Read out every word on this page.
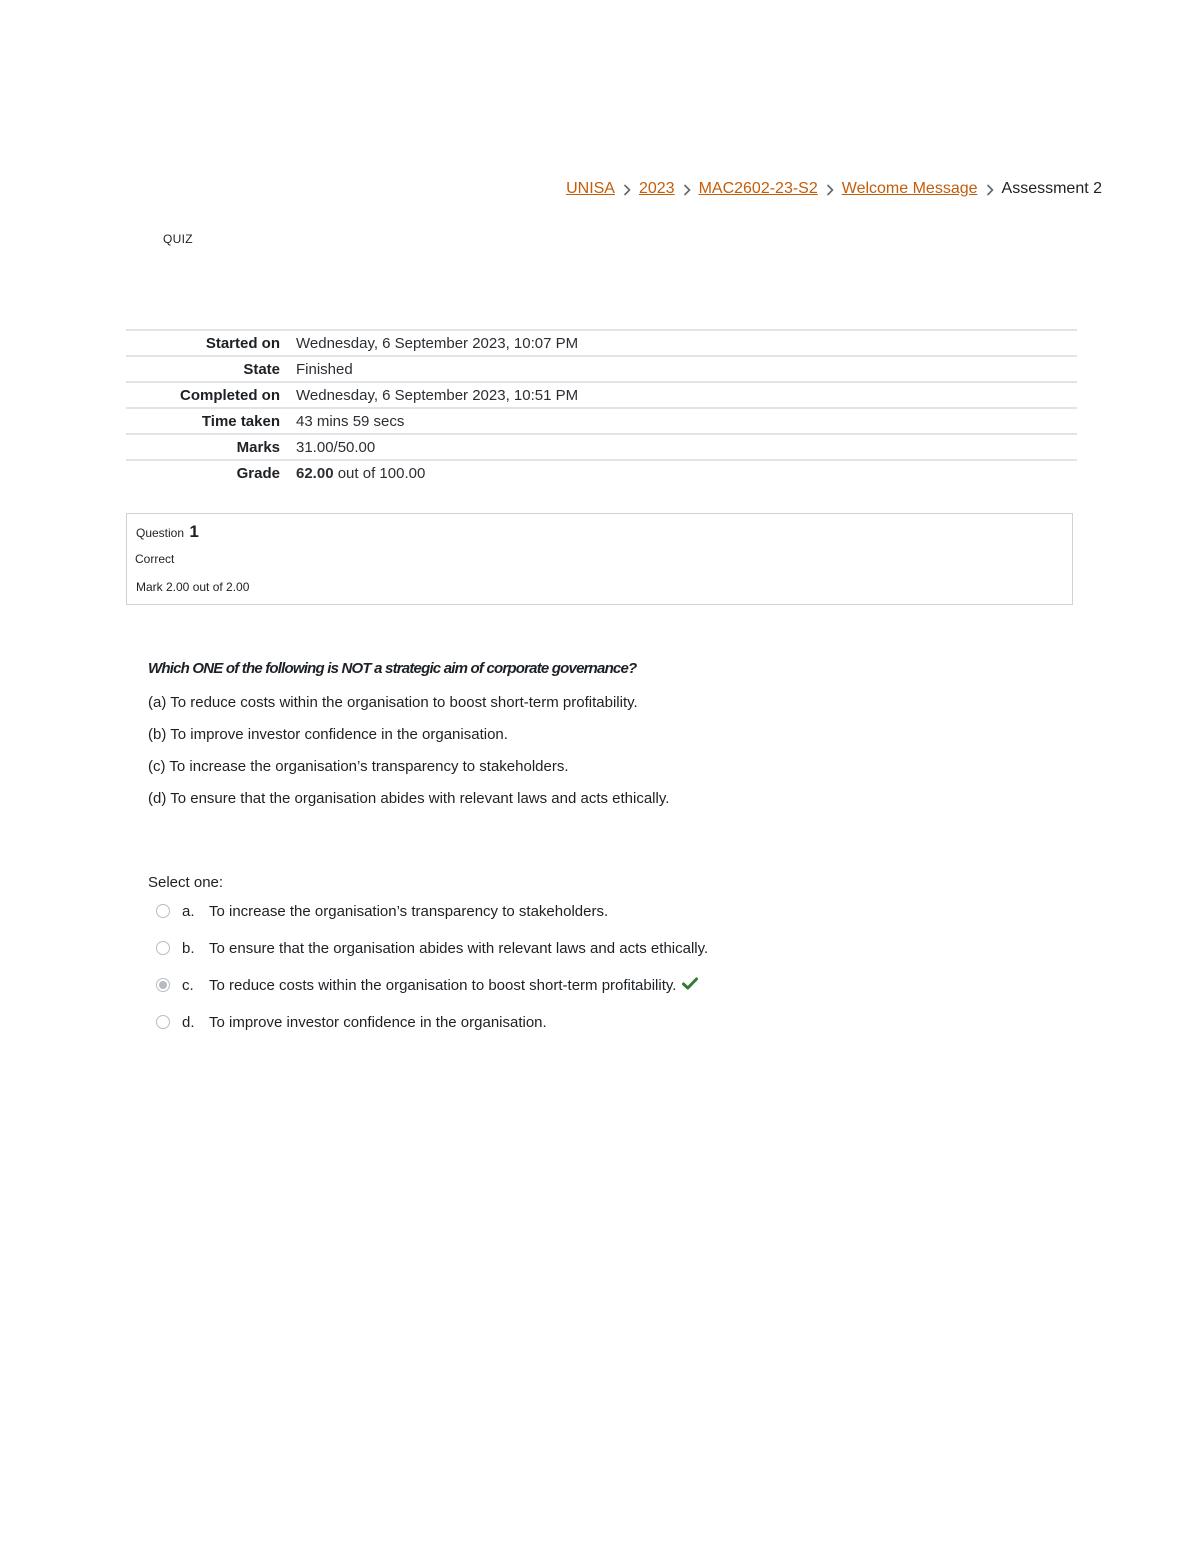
UNISA 2023 MAC2602-23-S2 Welcome Message Assessment 2
QUIZ
Started on	Wednesday, 6 September 2023, 10:07 PM
State	Finished
Completed on	Wednesday, 6 September 2023, 10:51 PM
Time taken	43 mins 59 secs
Marks	31.00/50.00
Grade	62.00 out of 100.00
Question 1
Correct
Mark 2.00 out of 2.00

Which ONE of the following is NOT a strategic aim of corporate governance?

(a) To reduce costs within the organisation to boost short-term profitability.

(b) To improve investor confidence in the organisation.

(c) To increase the organisation’s transparency to stakeholders.

(d) To ensure that the organisation abides with relevant laws and acts ethically.

Select one:
a. To increase the organisation’s transparency to stakeholders.
b. To ensure that the organisation abides with relevant laws and acts ethically.
c.	To reduce costs within the organisation to boost short-term profitability.
d. To improve investor confidence in the organisation.
